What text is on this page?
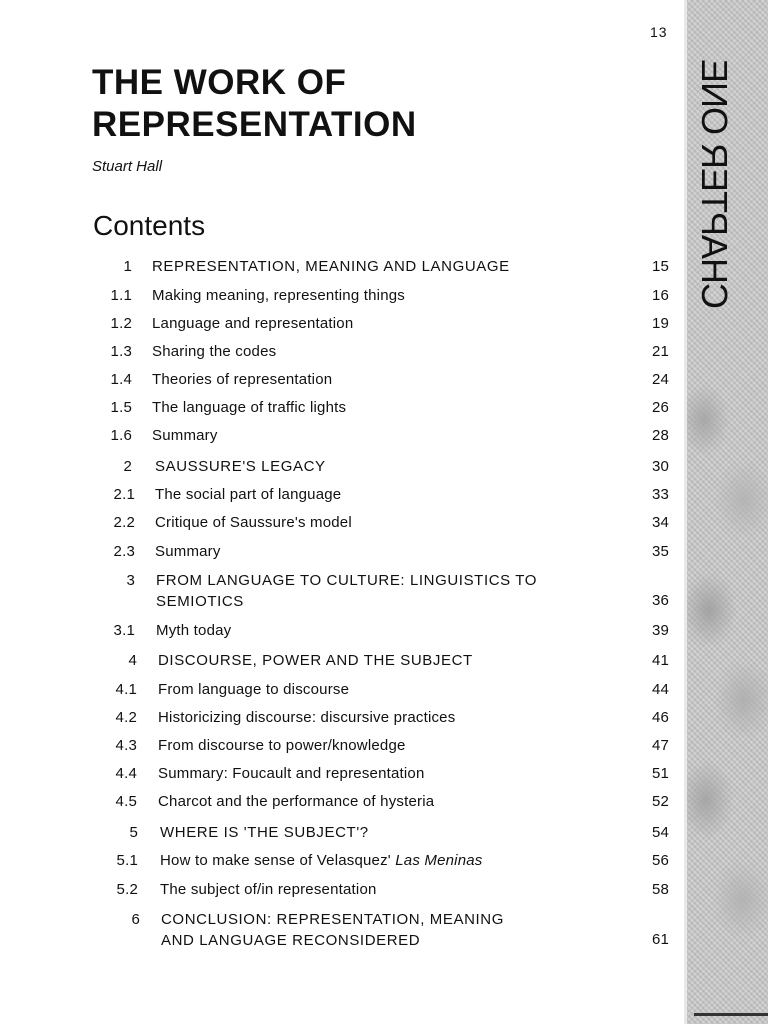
13
THE WORK OF
REPRESENTATION
Stuart Hall
Contents
1 REPRESENTATION, MEANING AND LANGUAGE	15
1.1 Making meaning, representing things	16
1.2 Language and representation	19
1.3 Sharing the codes	21
1.4 Theories of representation	24
1.5 The language of traffic lights	26
1.6 Summary	28
2 SAUSSURE'S LEGACY	30
2.1 The social part of language	33
2.2 Critique of Saussure's model	34
2.3 Summary	35
3 FROM LANGUAGE TO CULTURE: LINGUISTICS TO
SEMIOTICS	36
3.1 Myth today	39
4 DISCOURSE, POWER AND THE SUBJECT	41
4.1 From language to discourse	44
4.2 Historicizing discourse: discursive practices	46
4.3 From discourse to power/knowledge	47
4.4 Summary: Foucault and representation	51
4.5 Charcot and the performance of hysteria	52
5 WHERE IS 'THE SUBJECT'?	54
5.1 How to make sense of Velasquez' Las Meninas	56
5.2 The subject of/in representation	58
6 CONCLUSION: REPRESENTATION, MEANING
AND LANGUAGE RECONSIDERED	61
CHAPTER ONE
